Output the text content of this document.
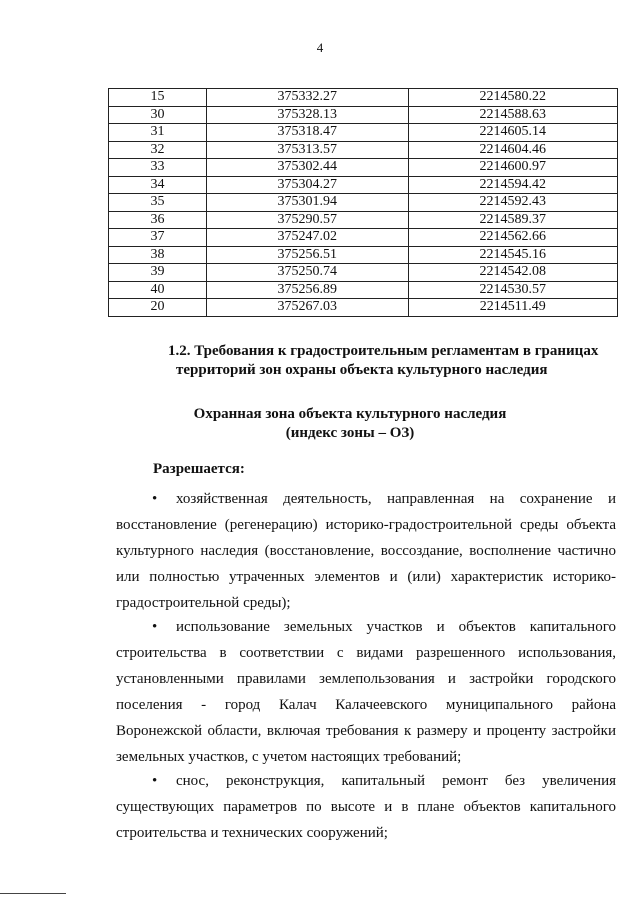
4
15	375332.27	2214580.22
30	375328.13	2214588.63
31	375318.47	2214605.14
32	375313.57	2214604.46
33	375302.44	2214600.97
34	375304.27	2214594.42
35	375301.94	2214592.43
36	375290.57	2214589.37
37	375247.02	2214562.66
38	375256.51	2214545.16
39	375250.74	2214542.08
40	375256.89	2214530.57
20	375267.03	2214511.49
1.2. Требования к градостроительным регламентам в границах
территорий зон охраны объекта культурного наследия
Охранная зона объекта культурного наследия
(индекс зоны – ОЗ)
Разрешается:
•	хозяйственная деятельность, направленная на сохранение и
восстановление (регенерацию) историко-градостроительной среды объекта
культурного наследия (восстановление, воссоздание, восполнение частично
или полностью утраченных элементов и (или) характеристик историко-
градостроительной среды);
•	использование земельных участков и объектов капитального
строительства в соответствии с видами разрешенного использования,
установленными правилами землепользования и застройки городского
поселения - город Калач Калачеевского муниципального района
Воронежской области, включая требования к размеру и проценту застройки
земельных участков, с учетом настоящих требований;
•	снос, реконструкция, капитальный ремонт без увеличения
существующих параметров по высоте и в плане объектов капитального
строительства и технических сооружений;
